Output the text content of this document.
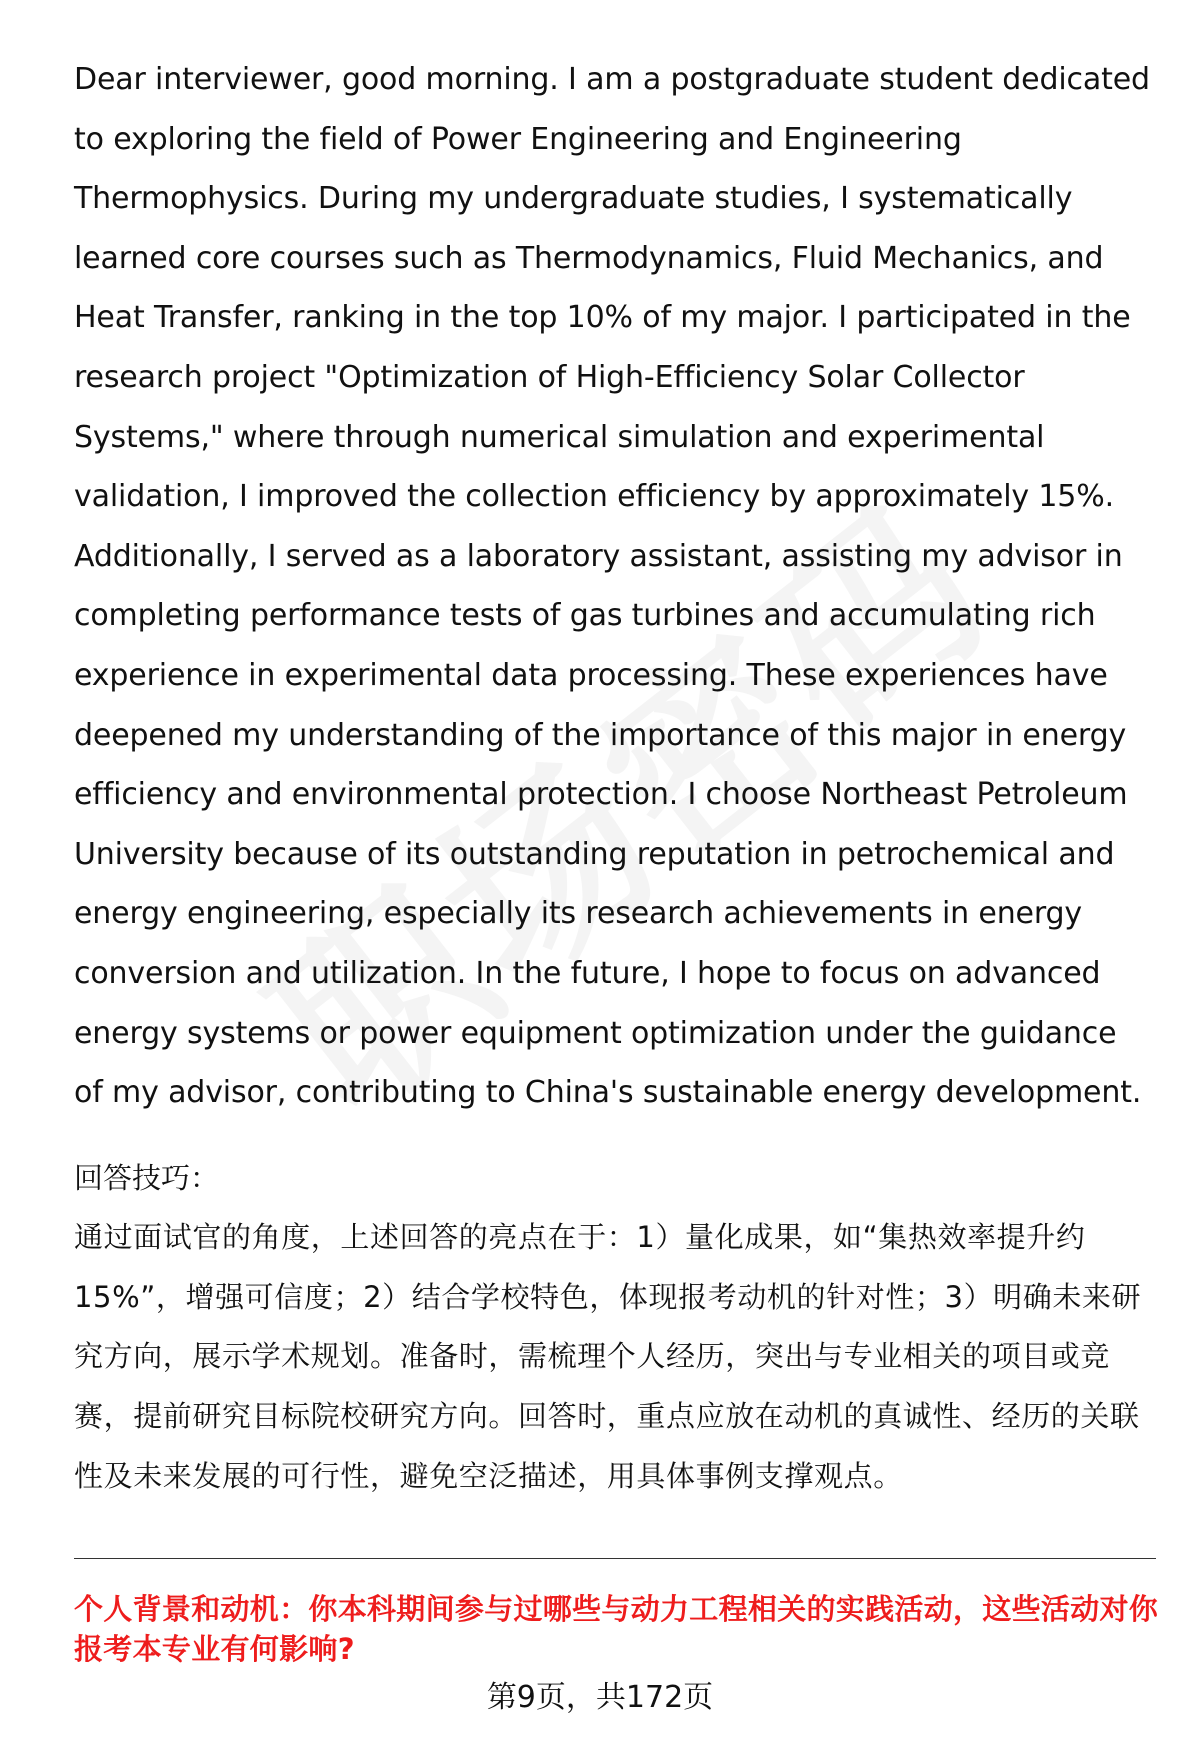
Dear interviewer, good morning. I am a postgraduate student dedicated to exploring the field of Power Engineering and Engineering Thermophysics. During my undergraduate studies, I systematically learned core courses such as Thermodynamics, Fluid Mechanics, and Heat Transfer, ranking in the top 10% of my major. I participated in the research project "Optimization of High-Efficiency Solar Collector Systems," where through numerical simulation and experimental validation, I improved the collection efficiency by approximately 15%. Additionally, I served as a laboratory assistant, assisting my advisor in completing performance tests of gas turbines and accumulating rich experience in experimental data processing. These experiences have deepened my understanding of the importance of this major in energy efficiency and environmental protection. I choose Northeast Petroleum University because of its outstanding reputation in petrochemical and energy engineering, especially its research achievements in energy conversion and utilization. In the future, I hope to focus on advanced energy systems or power equipment optimization under the guidance of my advisor, contributing to China's sustainable energy development.

回答技巧：

通过面试官的角度，上述回答的亮点在于：1）量化成果，如“集热效率提升约15%”，增强可信度；2）结合学校特色，体现报考动机的针对性；3）明确未来研究方向，展示学术规划。准备时，需梳理个人经历，突出与专业相关的项目或竞赛，提前研究目标院校研究方向。回答时，重点应放在动机的真诚性、经历的关联性及未来发展的可行性，避免空泛描述，用具体事例支撑观点。

个人背景和动机：你本科期间参与过哪些与动力工程相关的实践活动，这些活动对你报考本专业有何影响?
第9页，共172页
